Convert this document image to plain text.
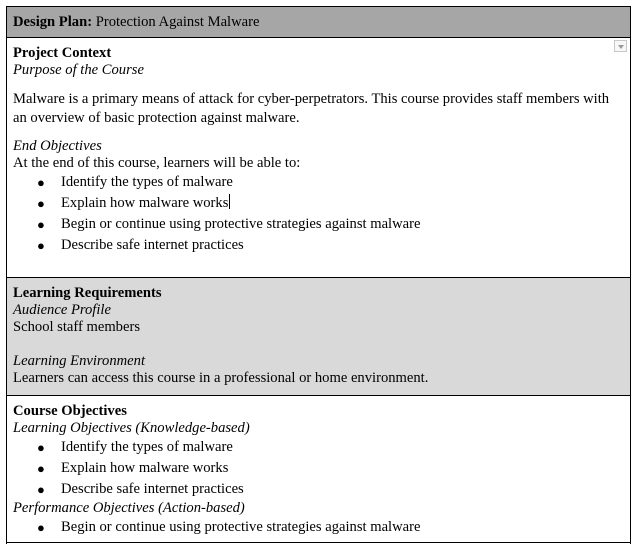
Design Plan: Protection Against Malware
Project Context
Purpose of the Course
Malware is a primary means of attack for cyber-perpetrators. This course provides staff members with an overview of basic protection against malware.
End Objectives
At the end of this course, learners will be able to:
● Identify the types of malware
● Explain how malware works
● Begin or continue using protective strategies against malware
● Describe safe internet practices
Learning Requirements
Audience Profile
School staff members
Learning Environment
Learners can access this course in a professional or home environment.
Course Objectives
Learning Objectives (Knowledge-based)
● Identify the types of malware
● Explain how malware works
● Describe safe internet practices
Performance Objectives (Action-based)
● Begin or continue using protective strategies against malware
